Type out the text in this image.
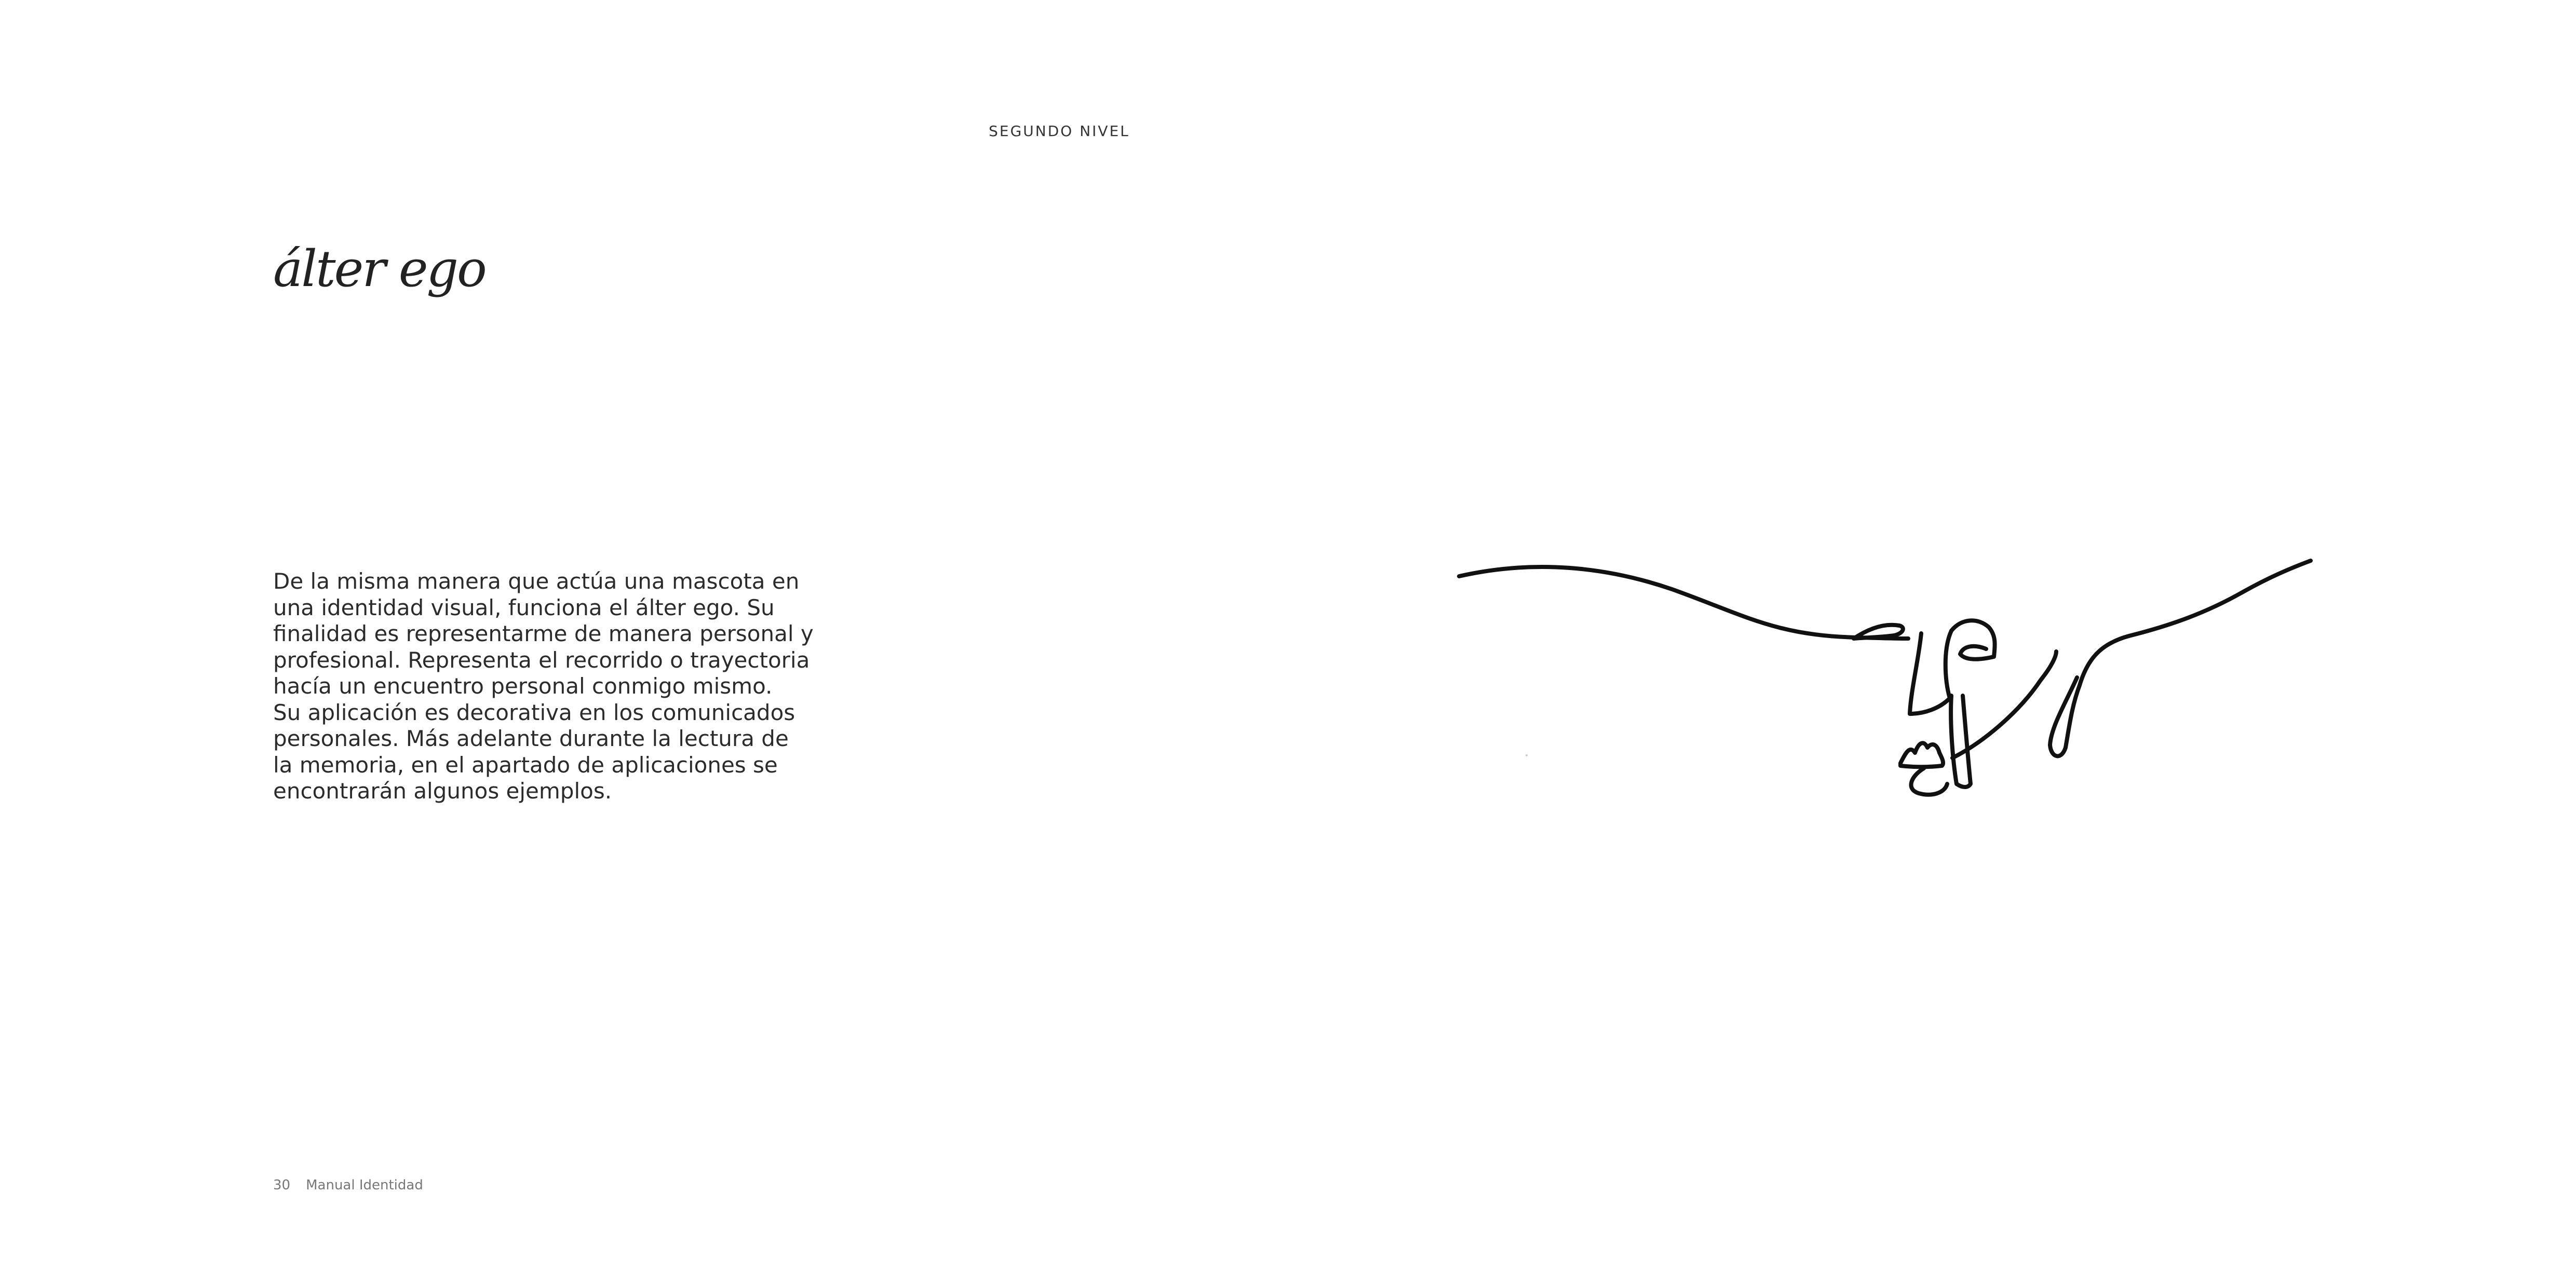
SEGUNDO NIVEL
álter ego
De la misma manera que actúa una mascota en
una identidad visual, funciona el álter ego. Su
finalidad es representarme de manera personal y
profesional. Representa el recorrido o trayectoria
hacía un encuentro personal conmigo mismo.
Su aplicación es decorativa en los comunicados
personales. Más adelante durante la lectura de
la memoria, en el apartado de aplicaciones se
encontrarán algunos ejemplos.
30 Manual Identidad
